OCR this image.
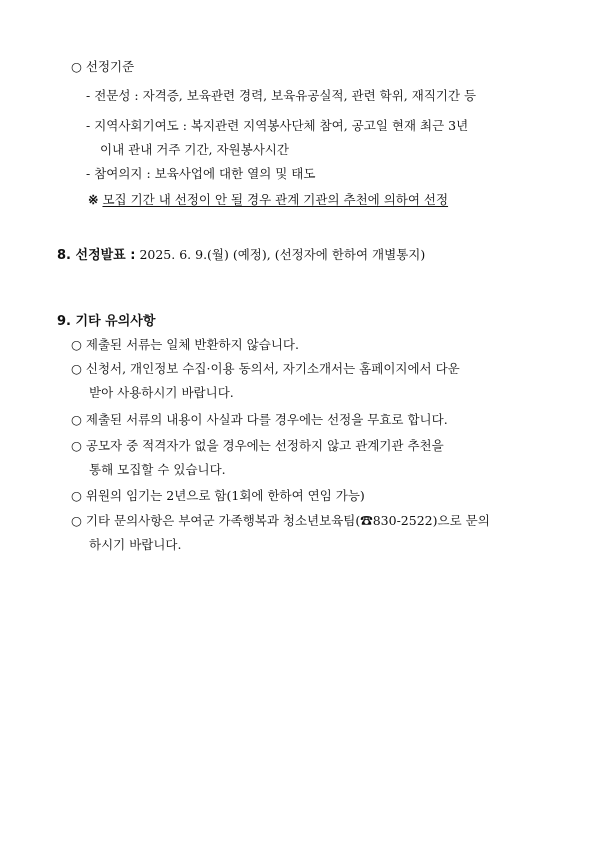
○ 선정기준
- 전문성 : 자격증, 보육관련 경력, 보육유공실적, 관련 학위, 재직기간 등
- 지역사회기여도 : 복지관련 지역봉사단체 참여, 공고일 현재 최근 3년
이내 관내 거주 기간, 자원봉사시간
- 참여의지 : 보육사업에 대한 열의 및 태도
※ 모집 기간 내 선정이 안 될 경우 관계 기관의 추천에 의하여 선정
8. 선정발표 : 2025. 6. 9.(월) (예정), (선정자에 한하여 개별통지)
9. 기타 유의사항
○ 제출된 서류는 일체 반환하지 않습니다.
○ 신청서, 개인정보 수집·이용 동의서, 자기소개서는 홈페이지에서 다운
받아 사용하시기 바랍니다.
○ 제출된 서류의 내용이 사실과 다를 경우에는 선정을 무효로 합니다.
○ 공모자 중 적격자가 없을 경우에는 선정하지 않고 관계기관 추천을
통해 모집할 수 있습니다.
○ 위원의 임기는 2년으로 함(1회에 한하여 연임 가능)
○ 기타 문의사항은 부여군 가족행복과 청소년보육팀(☎830-2522)으로 문의
하시기 바랍니다.
